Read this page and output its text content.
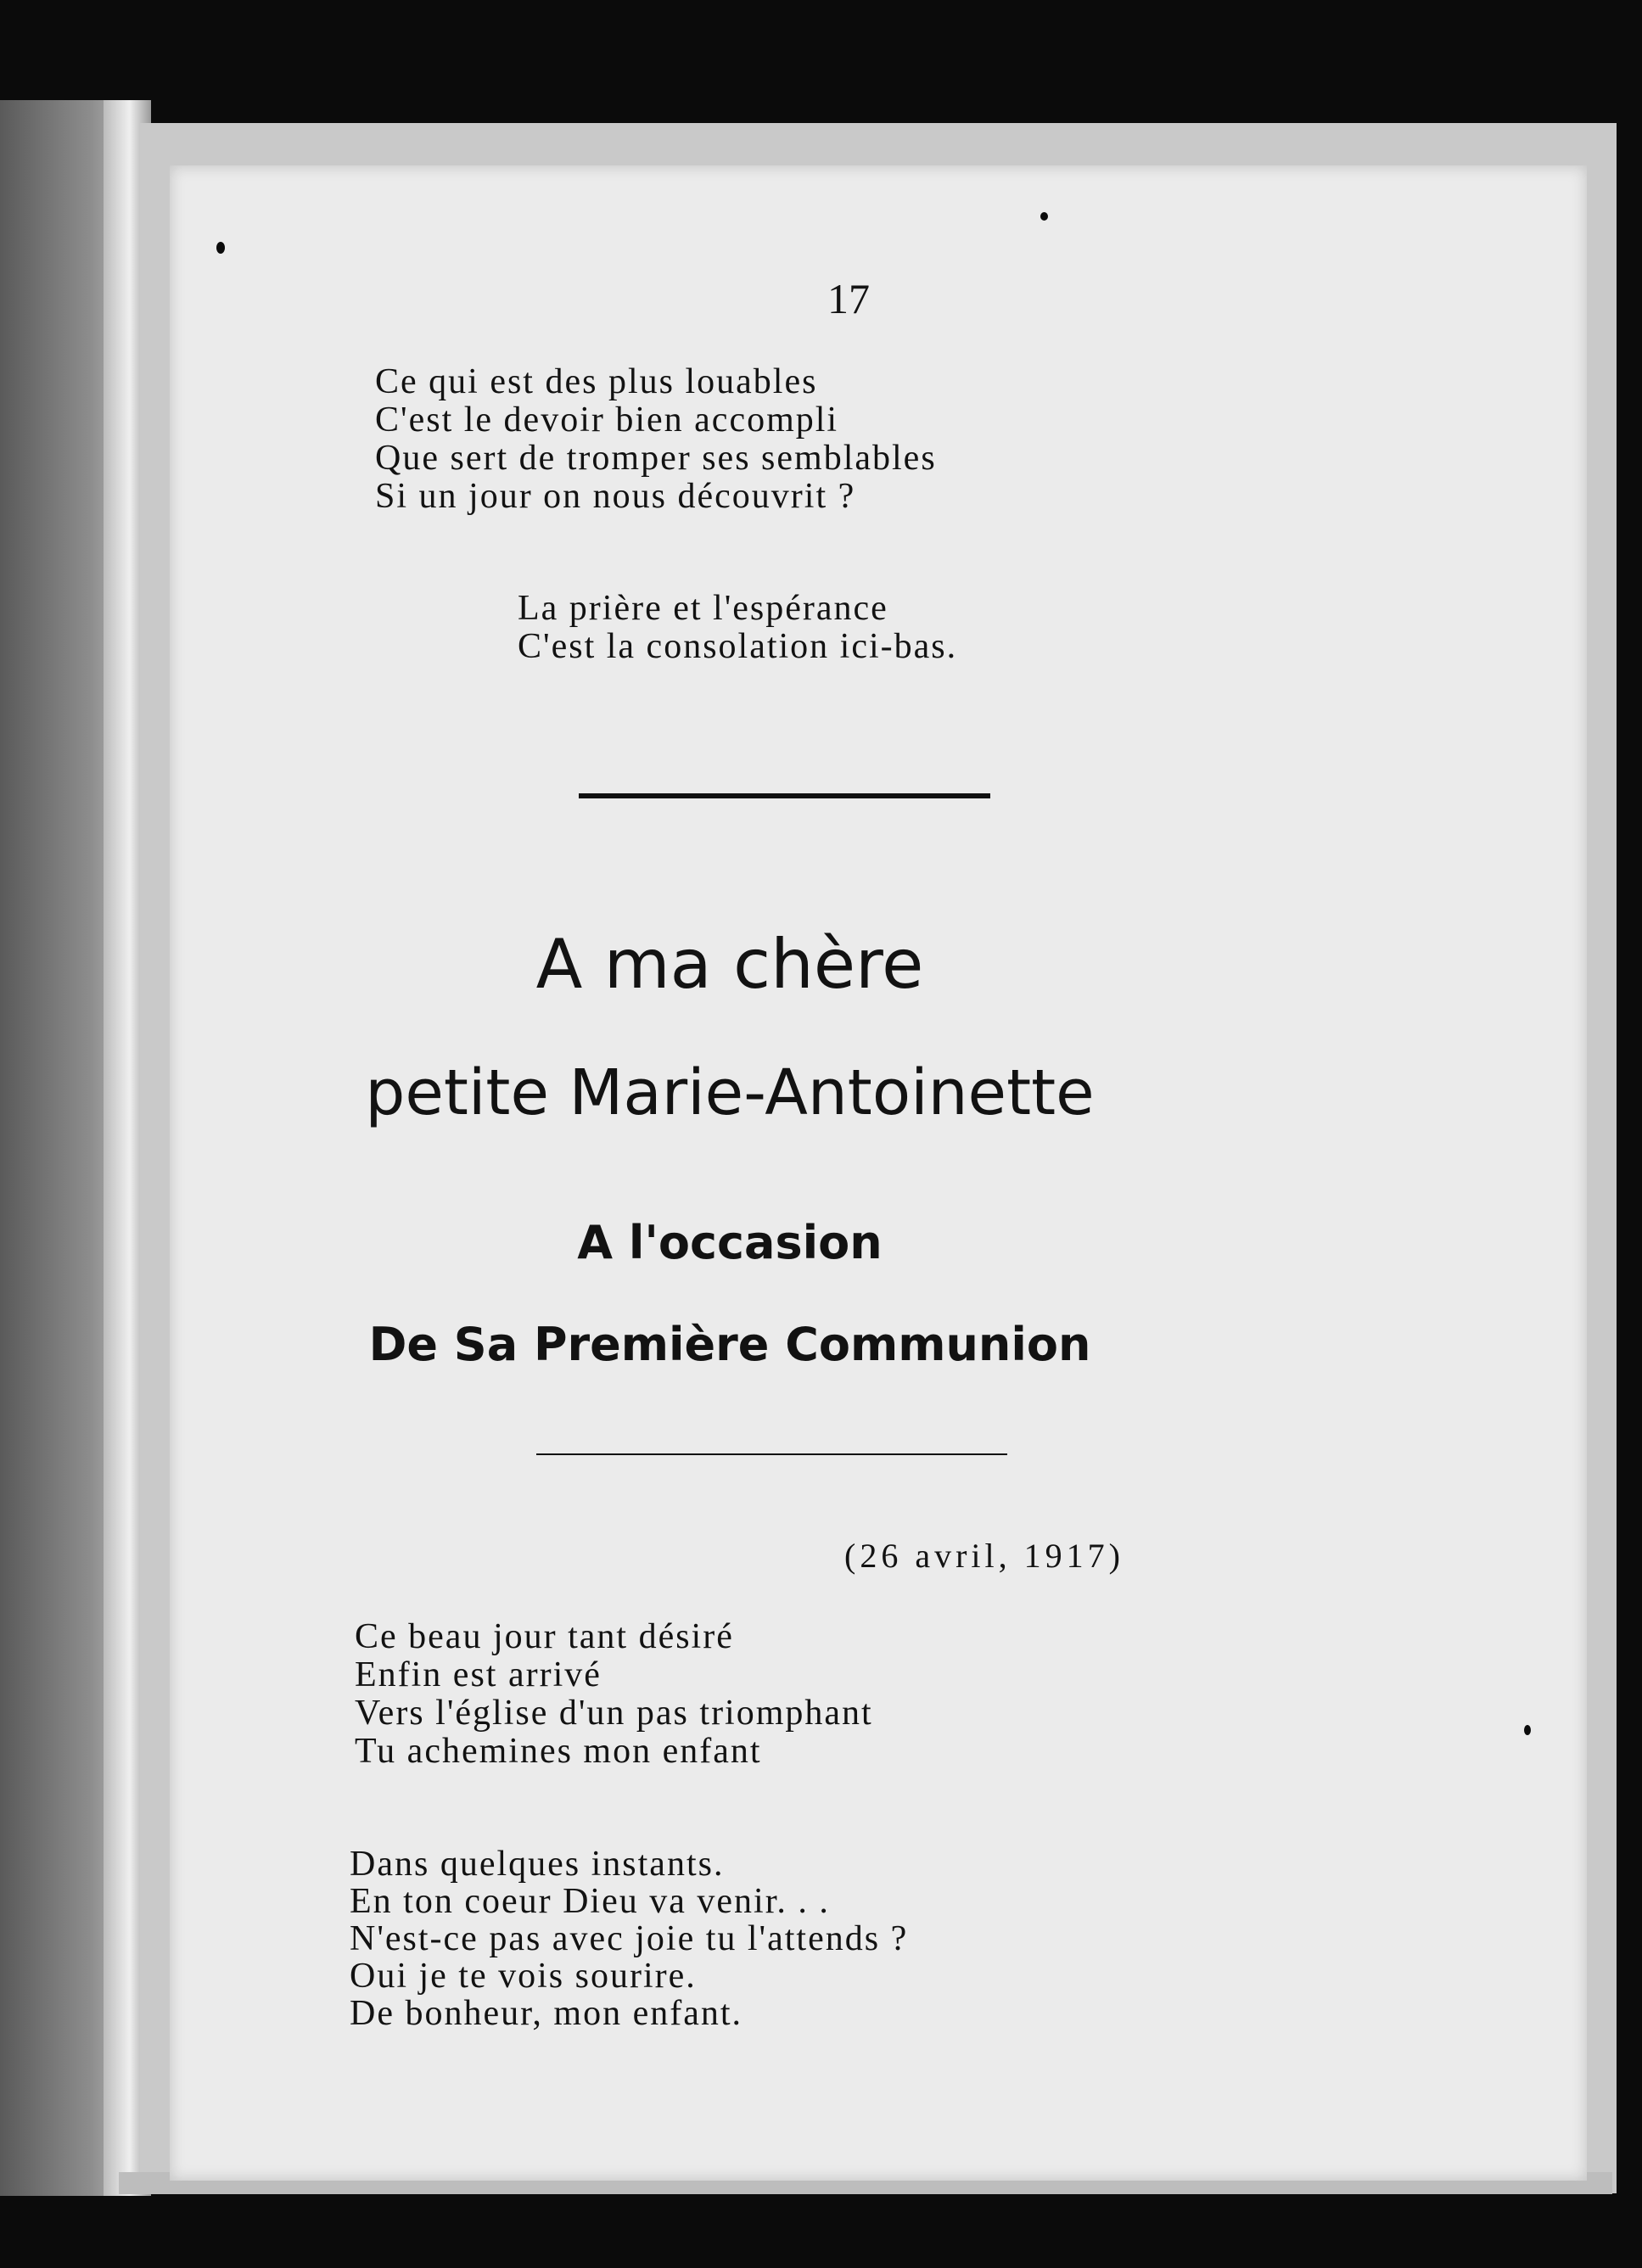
17
Ce qui est des plus louables
C'est le devoir bien accompli
Que sert de tromper ses semblables
Si un jour on nous découvrit ?
La prière et l'espérance
C'est la consolation ici-bas.
A ma chère
petite Marie-Antoinette
A l'occasion
De Sa Première Communion
(26 avril, 1917)
Ce beau jour tant désiré
Enfin est arrivé
Vers l'église d'un pas triomphant
Tu achemines mon enfant
Dans quelques instants.
En ton coeur Dieu va venir. . .
N'est-ce pas avec joie tu l'attends ?
Oui je te vois sourire.
De bonheur, mon enfant.
